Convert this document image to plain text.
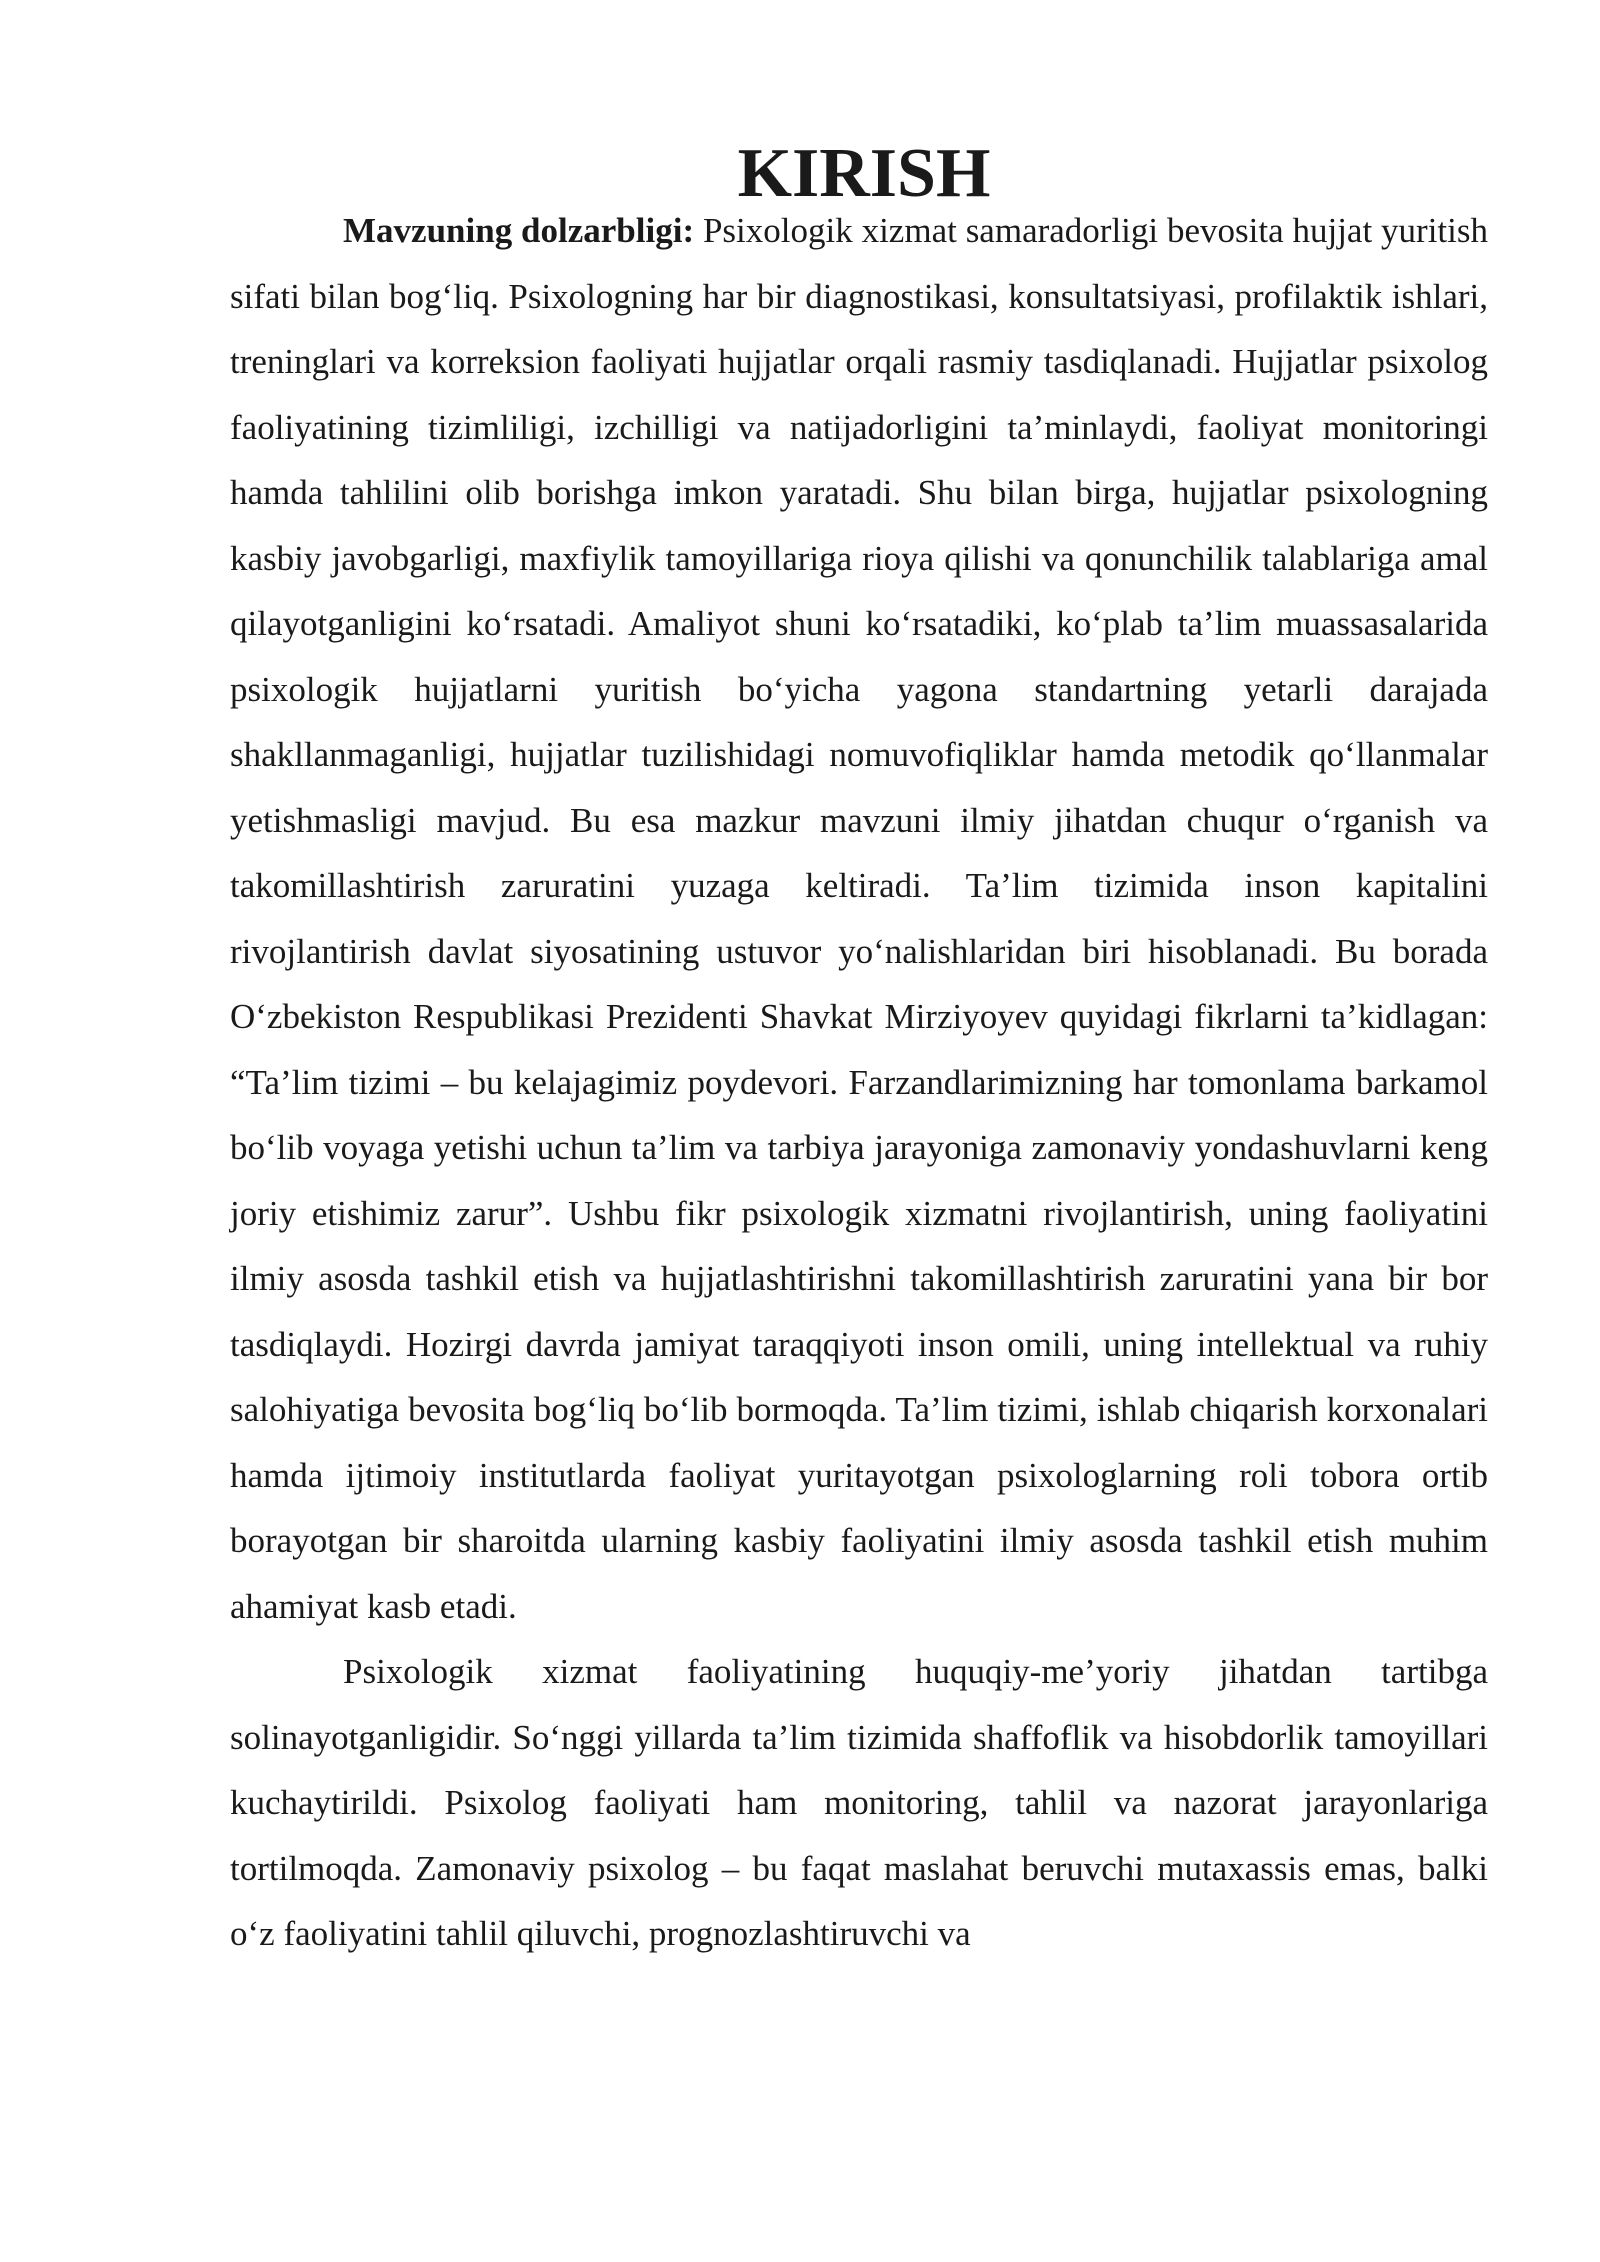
KIRISH

Mavzuning dolzarbligi: Psixologik xizmat samaradorligi bevosita hujjat yuritish sifati bilan bog‘liq. Psixologning har bir diagnostikasi, konsultatsiyasi, profilaktik ishlari, treninglari va korreksion faoliyati hujjatlar orqali rasmiy tasdiqlanadi. Hujjatlar psixolog faoliyatining tizimliligi, izchilligi va natijadorligini ta’minlaydi, faoliyat monitoringi hamda tahlilini olib borishga imkon yaratadi. Shu bilan birga, hujjatlar psixologning kasbiy javobgarligi, maxfiylik tamoyillariga rioya qilishi va qonunchilik talablariga amal qilayotganligini ko‘rsatadi. Amaliyot shuni ko‘rsatadiki, ko‘plab ta’lim muassasalarida psixologik hujjatlarni yuritish bo‘yicha yagona standartning yetarli darajada shakllanmaganligi, hujjatlar tuzilishidagi nomuvofiqliklar hamda metodik qo‘llanmalar yetishmasligi mavjud. Bu esa mazkur mavzuni ilmiy jihatdan chuqur o‘rganish va takomillashtirish zaruratini yuzaga keltiradi. Ta’lim tizimida inson kapitalini rivojlantirish davlat siyosatining ustuvor yo‘nalishlaridan biri hisoblanadi. Bu borada O‘zbekiston Respublikasi Prezidenti Shavkat Mirziyoyev quyidagi fikrlarni ta’kidlagan: “Ta’lim tizimi – bu kelajagimiz poydevori. Farzandlarimizning har tomonlama barkamol bo‘lib voyaga yetishi uchun ta’lim va tarbiya jarayoniga zamonaviy yondashuvlarni keng joriy etishimiz zarur”. Ushbu fikr psixologik xizmatni rivojlantirish, uning faoliyatini ilmiy asosda tashkil etish va hujjatlashtirishni takomillashtirish zaruratini yana bir bor tasdiqlaydi. Hozirgi davrda jamiyat taraqqiyoti inson omili, uning intellektual va ruhiy salohiyatiga bevosita bog‘liq bo‘lib bormoqda. Ta’lim tizimi, ishlab chiqarish korxonalari hamda ijtimoiy institutlarda faoliyat yuritayotgan psixologlarning roli tobora ortib borayotgan bir sharoitda ularning kasbiy faoliyatini ilmiy asosda tashkil etish muhim ahamiyat kasb etadi.

Psixologik xizmat faoliyatining huquqiy-me’yoriy jihatdan tartibga solinayotganligidir. So‘nggi yillarda ta’lim tizimida shaffoflik va hisobdorlik tamoyillari kuchaytirildi. Psixolog faoliyati ham monitoring, tahlil va nazorat jarayonlariga tortilmoqda. Zamonaviy psixolog – bu faqat maslahat beruvchi mutaxassis emas, balki o‘z faoliyatini tahlil qiluvchi, prognozlashtiruvchi va
